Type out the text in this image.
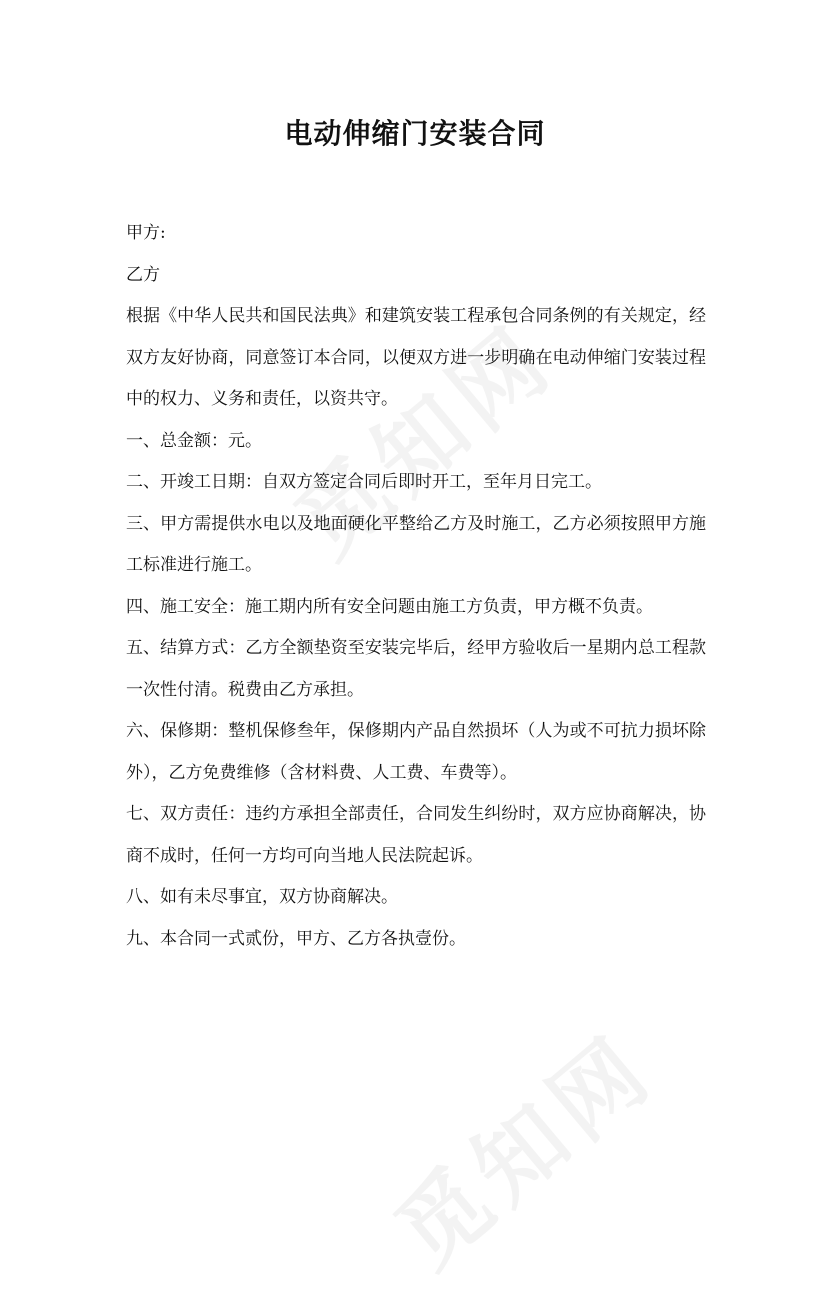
电动伸缩门安装合同

甲方:

乙方

根据《中华人民共和国民法典》和建筑安装工程承包合同条例的有关规定，经双方友好协商，同意签订本合同，以便双方进一步明确在电动伸缩门安装过程中的权力、义务和责任，以资共守。

一、总金额：元。

二、开竣工日期：自双方签定合同后即时开工，至年月日完工。

三、甲方需提供水电以及地面硬化平整给乙方及时施工，乙方必须按照甲方施工标准进行施工。

四、施工安全：施工期内所有安全问题由施工方负责，甲方概不负责。

五、结算方式：乙方全额垫资至安装完毕后，经甲方验收后一星期内总工程款一次性付清。税费由乙方承担。

六、保修期：整机保修叁年，保修期内产品自然损坏（人为或不可抗力损坏除外），乙方免费维修（含材料费、人工费、车费等）。

七、双方责任：违约方承担全部责任，合同发生纠纷时，双方应协商解决，协商不成时，任何一方均可向当地人民法院起诉。

八、如有未尽事宜，双方协商解决。

九、本合同一式贰份，甲方、乙方各执壹份。
